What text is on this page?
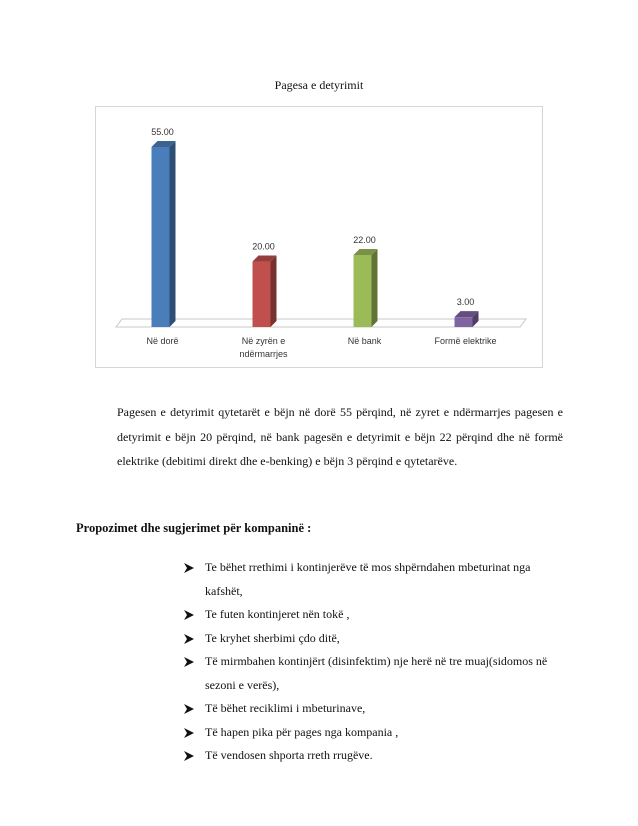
Pagesa e detyrimit
55.00
Në dorë
20.00
Në zyrën e
ndërmarrjes
22.00
Në bank
3.00
Formë elektrike
Pagesen e detyrimit qytetarët e bëjn në dorë 55 përqind, në zyret e ndërmarrjes pagesen e detyrimit e bëjn 20 përqind, në bank pagesën e detyrimit e bëjn 22 përqind dhe në formë elektrike (debitimi direkt dhe e-benking) e bëjn 3 përqind e qytetarëve.
Propozimet dhe sugjerimet për kompaninë :
Te bëhet rrethimi i kontinjerëve të mos shpërndahen mbeturinat nga kafshët,
Te futen kontinjeret nën tokë ,
Te kryhet sherbimi çdo ditë,
Të mirmbahen kontinjërt (disinfektim) nje herë në tre muaj(sidomos në sezoni e verës),
Të bëhet reciklimi i mbeturinave,
Të hapen pika për pages nga kompania ,
Të vendosen shporta rreth rrugëve.
